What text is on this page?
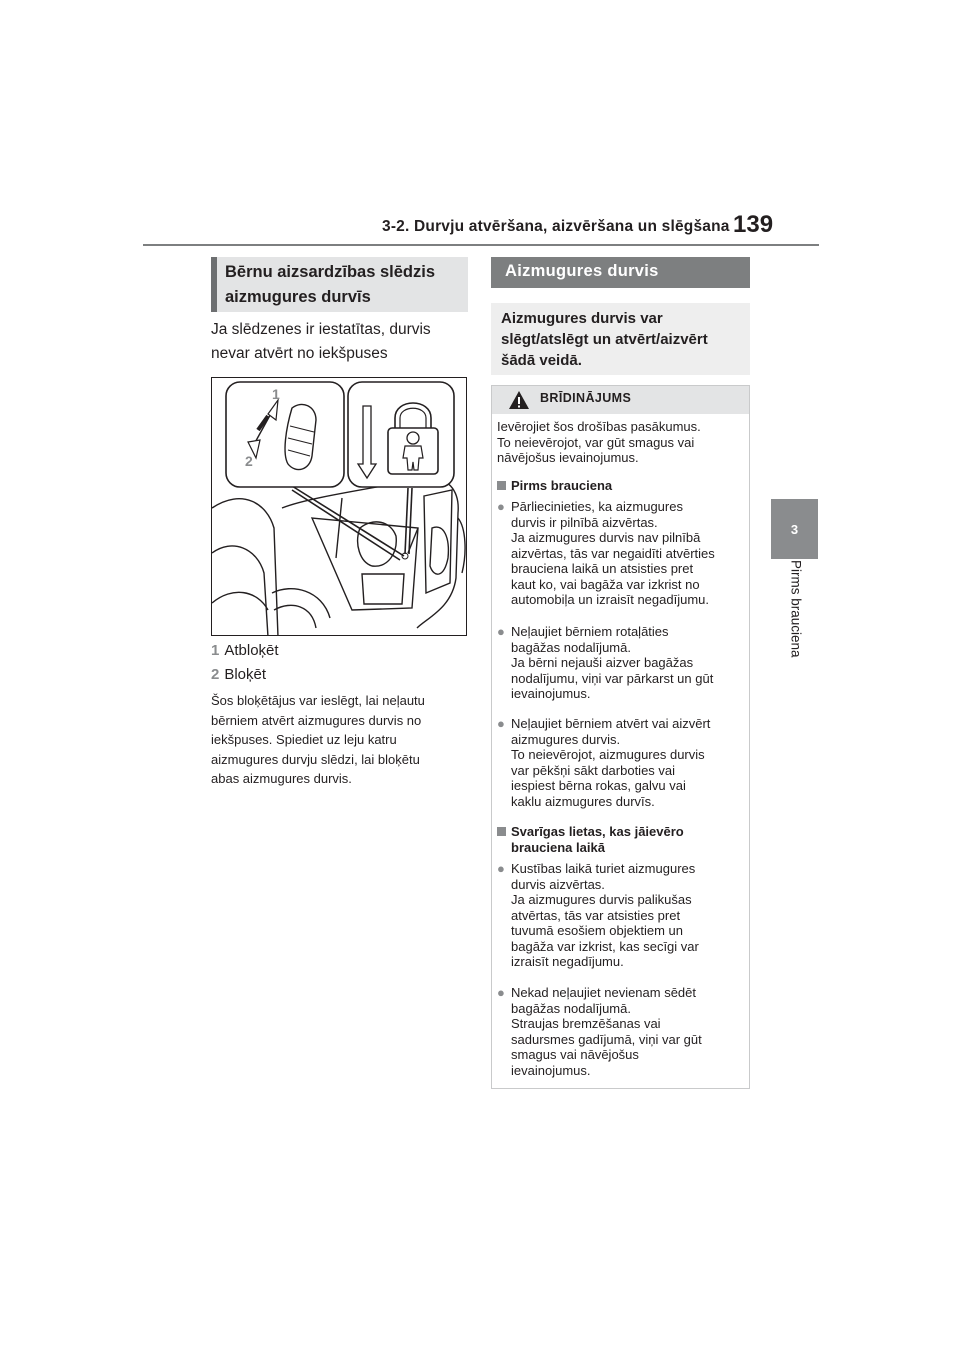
3-2. Durvju atvēršana, aizvēršana un slēgšana 139
3
Pirms brauciena
Bērnu aizsardzības slēdzis
aizmugures durvīs
Ja slēdzenes ir iestatītas, durvis
nevar atvērt no iekšpuses
1
2
1 Atbloķēt
2 Bloķēt
Šos bloķētājus var ieslēgt, lai neļautu
bērniem atvērt aizmugures durvis no
iekšpuses. Spiediet uz leju katru
aizmugures durvju slēdzi, lai bloķētu
abas aizmugures durvis.
Aizmugures durvis
Aizmugures durvis var
slēgt/atslēgt un atvērt/aizvērt
šādā veidā.
BRĪDINĀJUMS
Ievērojiet šos drošības pasākumus.
To neievērojot, var gūt smagus vai
nāvējošus ievainojumus.
Pirms brauciena
● Pārliecinieties, ka aizmugures
durvis ir pilnībā aizvērtas.
Ja aizmugures durvis nav pilnībā
aizvērtas, tās var negaidīti atvērties
brauciena laikā un atsisties pret
kaut ko, vai bagāža var izkrist no
automobiļa un izraisīt negadījumu.
● Neļaujiet bērniem rotaļāties
bagāžas nodalījumā.
Ja bērni nejauši aizver bagāžas
nodalījumu, viņi var pārkarst un gūt
ievainojumus.
● Neļaujiet bērniem atvērt vai aizvērt
aizmugures durvis.
To neievērojot, aizmugures durvis
var pēkšņi sākt darboties vai
iespiest bērna rokas, galvu vai
kaklu aizmugures durvīs.
Svarīgas lietas, kas jāievēro
brauciena laikā
● Kustības laikā turiet aizmugures
durvis aizvērtas.
Ja aizmugures durvis palikušas
atvērtas, tās var atsisties pret
tuvumā esošiem objektiem un
bagāža var izkrist, kas secīgi var
izraisīt negadījumu.
● Nekad neļaujiet nevienam sēdēt
bagāžas nodalījumā.
Straujas bremzēšanas vai
sadursmes gadījumā, viņi var gūt
smagus vai nāvējošus
ievainojumus.
